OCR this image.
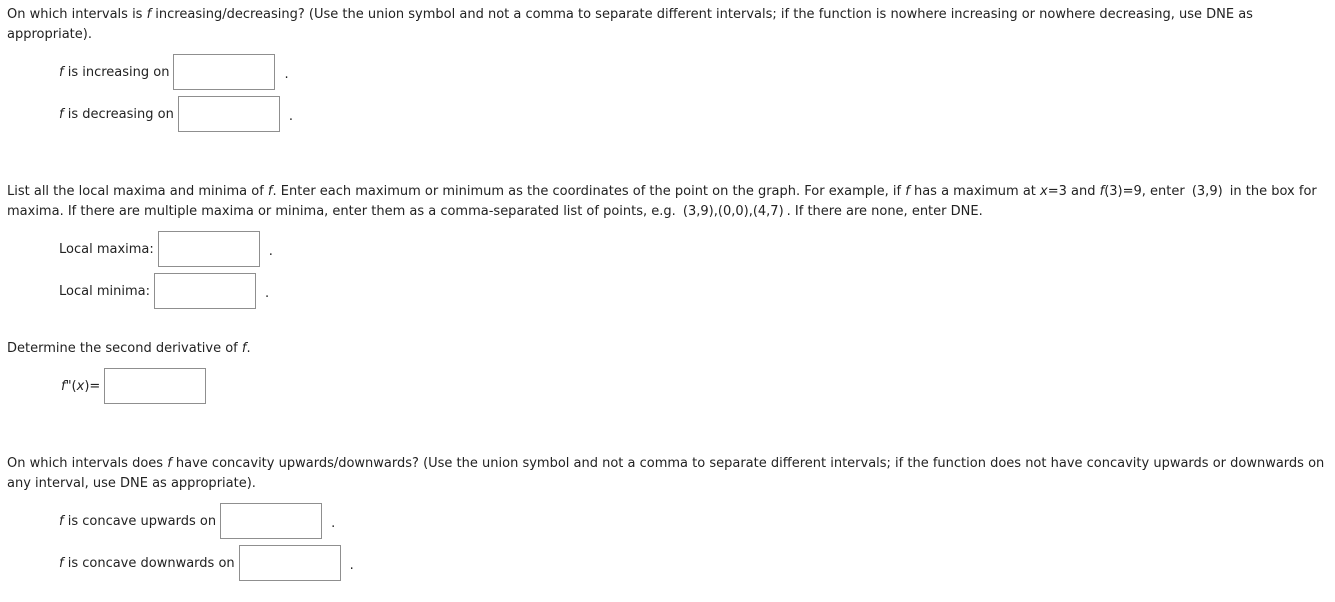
On which intervals is f increasing/decreasing? (Use the union symbol and not a comma to separate different intervals; if the function is nowhere increasing or nowhere decreasing, use DNE as appropriate).

f is increasing on	.
f is decreasing on	.

List all the local maxima and minima of f. Enter each maximum or minimum as the coordinates of the point on the graph. For example, if f has a maximum at x=3 and f(3)=9, enter (3,9) in the box for maxima. If there are multiple maxima or minima, enter them as a comma-separated list of points, e.g. (3,9),(0,0),(4,7) . If there are none, enter DNE.

Local maxima:	.
Local minima:	.

Determine the second derivative of f.

f"(x)=

On which intervals does f have concavity upwards/downwards? (Use the union symbol and not a comma to separate different intervals; if the function does not have concavity upwards or downwards on any interval, use DNE as appropriate).

f is concave upwards on	.
f is concave downwards on	.
